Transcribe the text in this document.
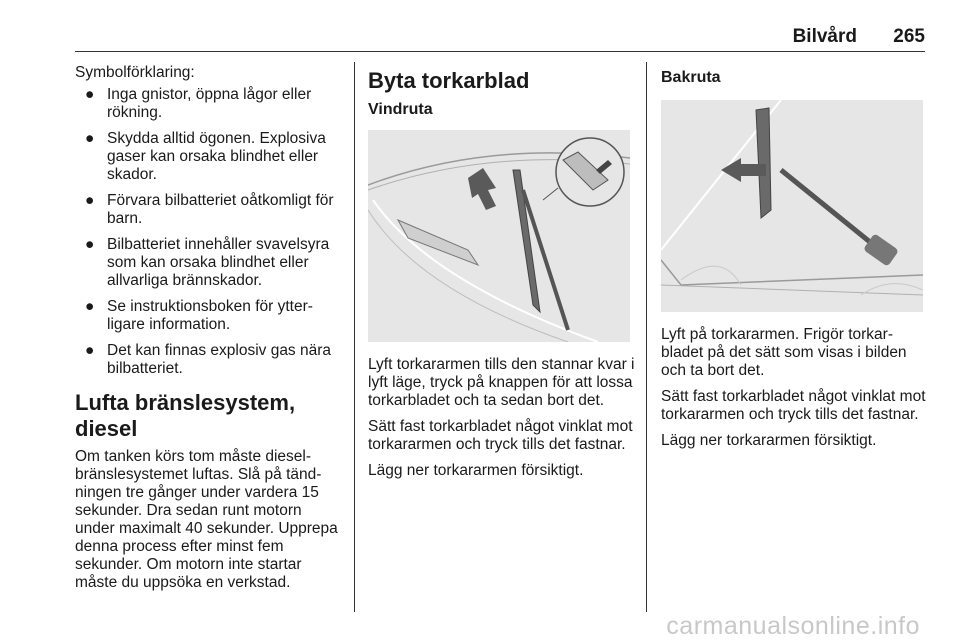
Bilvård 265

Symbolförklaring:

● Inga gnistor, öppna lågor eller rökning.
● Skydda alltid ögonen. Explosiva gaser kan orsaka blindhet eller skador.
● Förvara bilbatteriet oåtkomligt för barn.
● Bilbatteriet innehåller svavelsyra som kan orsaka blindhet eller allvarliga brännskador.
● Se instruktionsboken för ytterligare information.
● Det kan finnas explosiv gas nära bilbatteriet.
Lufta bränslesystem, diesel

Om tanken körs tom måste dieselbränslesystemet luftas. Slå på tändningen tre gånger under vardera 15 sekunder. Dra sedan runt motorn under maximalt 40 sekunder. Upprepa denna process efter minst fem sekunder. Om motorn inte startar måste du uppsöka en verkstad.

Byta torkarblad
Vindruta

Lyft torkararmen tills den stannar kvar i lyft läge, tryck på knappen för att lossa torkarbladet och ta sedan bort det.

Sätt fast torkarbladet något vinklat mot torkararmen och tryck tills det fastnar.

Lägg ner torkararmen försiktigt.

Bakruta

Lyft på torkararmen. Frigör torkarbladet på det sätt som visas i bilden och ta bort det.

Sätt fast torkarbladet något vinklat mot torkararmen och tryck tills det fastnar.

Lägg ner torkararmen försiktigt.

carmanualsonline.info
